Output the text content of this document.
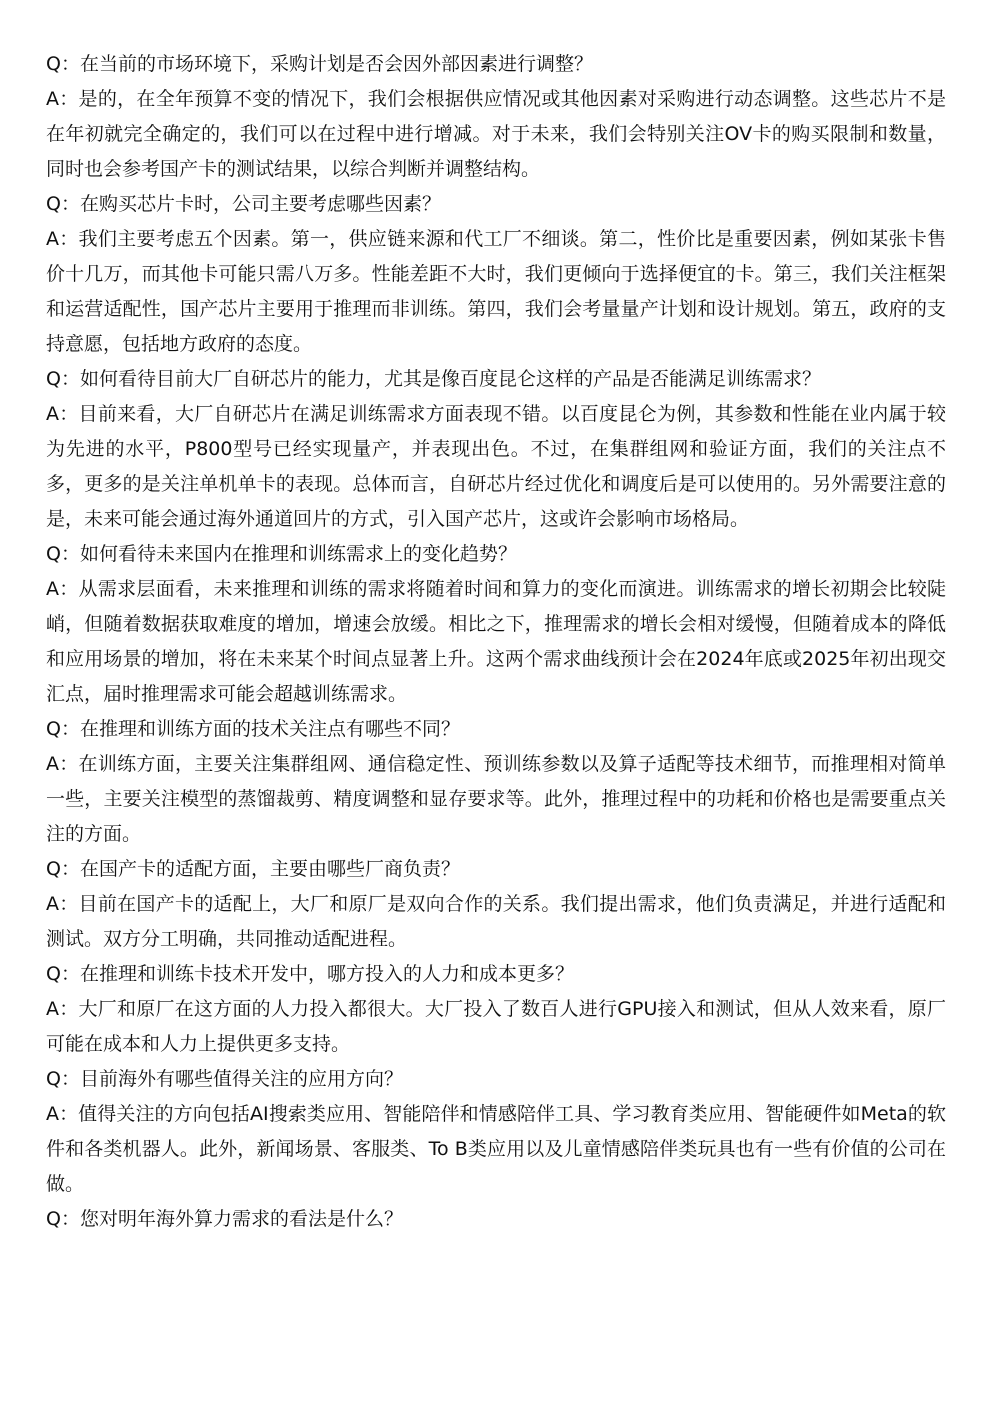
Q：在当前的市场环境下，采购计划是否会因外部因素进行调整？

A：是的，在全年预算不变的情况下，我们会根据供应情况或其他因素对采购进行动态调整。这些芯片不是在年初就完全确定的，我们可以在过程中进行增减。对于未来，我们会特别关注OV卡的购买限制和数量，同时也会参考国产卡的测试结果，以综合判断并调整结构。

Q：在购买芯片卡时，公司主要考虑哪些因素？

A：我们主要考虑五个因素。第一，供应链来源和代工厂不细谈。第二，性价比是重要因素，例如某张卡售价十几万，而其他卡可能只需八万多。性能差距不大时，我们更倾向于选择便宜的卡。第三，我们关注框架和运营适配性，国产芯片主要用于推理而非训练。第四，我们会考量量产计划和设计规划。第五，政府的支持意愿，包括地方政府的态度。

Q：如何看待目前大厂自研芯片的能力，尤其是像百度昆仑这样的产品是否能满足训练需求？

A：目前来看，大厂自研芯片在满足训练需求方面表现不错。以百度昆仑为例，其参数和性能在业内属于较为先进的水平，P800型号已经实现量产，并表现出色。不过，在集群组网和验证方面，我们的关注点不多，更多的是关注单机单卡的表现。总体而言，自研芯片经过优化和调度后是可以使用的。另外需要注意的是，未来可能会通过海外通道回片的方式，引入国产芯片，这或许会影响市场格局。

Q：如何看待未来国内在推理和训练需求上的变化趋势？

A：从需求层面看，未来推理和训练的需求将随着时间和算力的变化而演进。训练需求的增长初期会比较陡峭，但随着数据获取难度的增加，增速会放缓。相比之下，推理需求的增长会相对缓慢，但随着成本的降低和应用场景的增加，将在未来某个时间点显著上升。这两个需求曲线预计会在2024年底或2025年初出现交汇点，届时推理需求可能会超越训练需求。

Q：在推理和训练方面的技术关注点有哪些不同？

A：在训练方面，主要关注集群组网、通信稳定性、预训练参数以及算子适配等技术细节，而推理相对简单一些，主要关注模型的蒸馏裁剪、精度调整和显存要求等。此外，推理过程中的功耗和价格也是需要重点关注的方面。

Q：在国产卡的适配方面，主要由哪些厂商负责？

A：目前在国产卡的适配上，大厂和原厂是双向合作的关系。我们提出需求，他们负责满足，并进行适配和测试。双方分工明确，共同推动适配进程。

Q：在推理和训练卡技术开发中，哪方投入的人力和成本更多？

A：大厂和原厂在这方面的人力投入都很大。大厂投入了数百人进行GPU接入和测试，但从人效来看，原厂可能在成本和人力上提供更多支持。

Q：目前海外有哪些值得关注的应用方向？

A：值得关注的方向包括AI搜索类应用、智能陪伴和情感陪伴工具、学习教育类应用、智能硬件如Meta的软件和各类机器人。此外，新闻场景、客服类、To B类应用以及儿童情感陪伴类玩具也有一些有价值的公司在做。

Q：您对明年海外算力需求的看法是什么？
